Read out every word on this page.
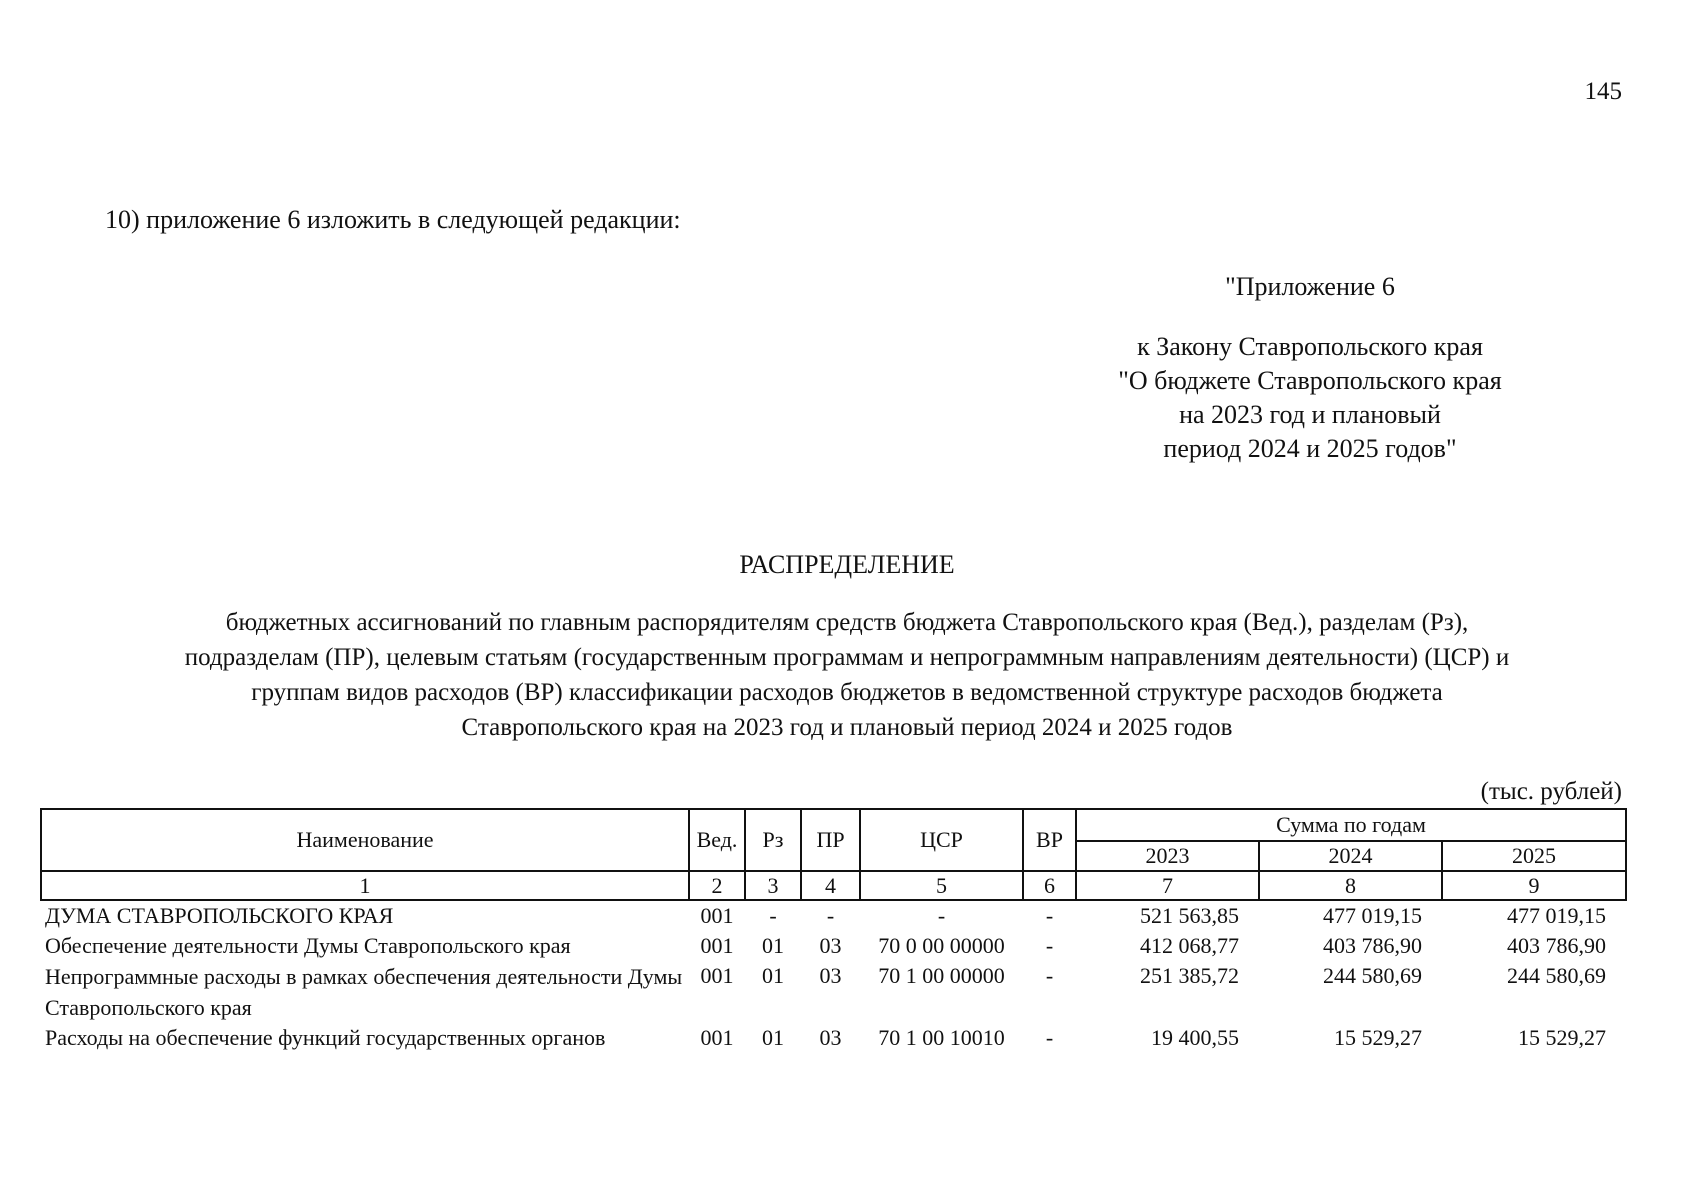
145
10) приложение 6 изложить в следующей редакции:
"Приложение 6
к Закону Ставропольского края
"О бюджете Ставропольского края
на 2023 год и плановый
период 2024 и 2025 годов"
РАСПРЕДЕЛЕНИЕ
бюджетных ассигнований по главным распорядителям средств бюджета Ставропольского края (Вед.), разделам (Рз),
подразделам (ПР), целевым статьям (государственным программам и непрограммным направлениям деятельности) (ЦСР) и
группам видов расходов (ВР) классификации расходов бюджетов в ведомственной структуре расходов бюджета
Ставропольского края на 2023 год и плановый период 2024 и 2025 годов
(тыс. рублей)
Наименование	Вед.	Рз	ПР	ЦСР	ВР	Сумма по годам		
						2023	2024	2025
1	2	3	4	5	6	7	8	9
ДУМА СТАВРОПОЛЬСКОГО КРАЯ	001	-	-	-	-	521 563,85	477 019,15	477 019,15
Обеспечение деятельности Думы Ставропольского края	001	01	03	70 0 00 00000	-	412 068,77	403 786,90	403 786,90
Непрограммные расходы в рамках обеспечения деятельности Думы Ставропольского края	001	01	03	70 1 00 00000	-	251 385,72	244 580,69	244 580,69
Расходы на обеспечение функций государственных органов	001	01	03	70 1 00 10010	-	19 400,55	15 529,27	15 529,27
